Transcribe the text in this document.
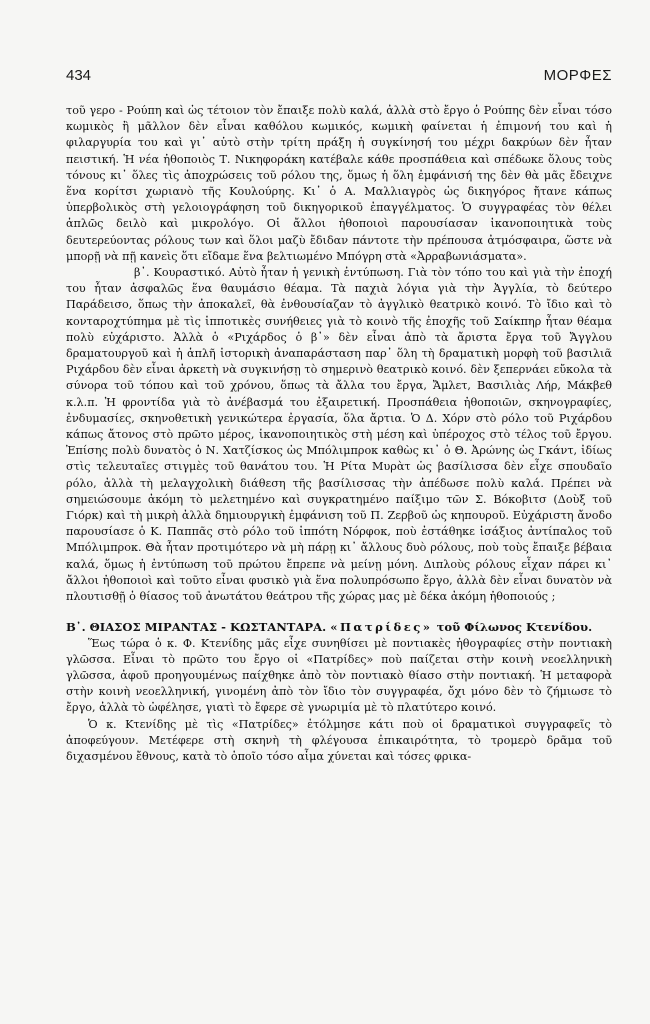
434	ΜΟΡΦΕΣ

τοῦ γερο - Ρούπη καὶ ὡς τέτοιον τὸν ἔπαιξε πολὺ καλά, ἀλλὰ στὸ ἔργο ὁ Ρούπης δὲν εἶναι τόσο κωμικὸς ἢ μᾶλλον δὲν εἶναι καθόλου κωμικός, κωμικὴ φαίνεται ἡ ἐπιμονή του καὶ ἡ φιλαργυρία του καὶ γι᾽ αὐτὸ στὴν τρίτη πράξη ἡ συγκίνησή του μέχρι δακρύων δὲν ἦταν πειστική. Ἡ νέα ἠθοποιὸς Τ. Νικηφοράκη κατέβαλε κάθε προσπάθεια καὶ σπέδωκε ὅλους τοὺς τόνους κι᾽ ὅλες τὶς ἀποχρώσεις τοῦ ρόλου της, ὅμως ἡ ὅλη ἐμφάνισή της δὲν θὰ μᾶς ἔδειχνε ἕνα κορίτσι χωριανὸ τῆς Κουλούρης. Κι᾽ ὁ Α. Μαλλιαγρὸς ὡς δικηγόρος ἤτανε κάπως ὑπερβολικὸς στὴ γελοιογράφηση τοῦ δικηγορικοῦ ἐπαγγέλματος. Ὁ συγγραφέας τὸν θέλει ἁπλῶς δειλὸ καὶ μικρολόγο. Οἱ ἄλλοι ἠθοποιοὶ παρουσίασαν ἱκανοποιητικὰ τοὺς δευτερεύοντας ρόλους των καὶ ὅλοι μαζὺ ἔδιδαν πάντοτε τὴν πρέπουσα ἀτμόσφαιρα, ὥστε νὰ μπορῇ νὰ πῇ κανεὶς ὅτι εἴδαμε ἕνα βελτιωμένο Μπόγρη στὰ «Ἀρραβωνιάσματα».

β᾽. Κουραστικό. Αὐτὸ ἦταν ἡ γενικὴ ἐντύπωση. Γιὰ τὸν τόπο του καὶ γιὰ τὴν ἐποχή του ἦταν ἀσφαλῶς ἕνα θαυμάσιο θέαμα. Τὰ παχιὰ λόγια γιὰ τὴν Ἀγγλία, τὸ δεύτερο Παράδεισο, ὅπως τὴν ἀποκαλεῖ, θὰ ἐνθουσίαζαν τὸ ἀγγλικὸ θεατρικὸ κοινό. Τὸ ἴδιο καὶ τὸ κονταροχτύπημα μὲ τὶς ἱπποτικὲς συνήθειες γιὰ τὸ κοινὸ τῆς ἐποχῆς τοῦ Σαίκπηρ ἦταν θέαμα πολὺ εὐχάριστο. Ἀλλὰ ὁ «Ριχάρδος ὁ β᾽» δὲν εἶναι ἀπὸ τὰ ἄριστα ἔργα τοῦ Ἄγγλου δραματουργοῦ καὶ ἡ ἁπλῆ ἱστορικὴ ἀναπαράσταση παρ᾽ ὅλη τὴ δραματικὴ μορφὴ τοῦ βασιλιᾶ Ριχάρδου δὲν εἶναι ἀρκετὴ νὰ συγκινήσῃ τὸ σημερινὸ θεατρικὸ κοινό. δὲν ξεπερνάει εὔκολα τὰ σύνορα τοῦ τόπου καὶ τοῦ χρόνου, ὅπως τὰ ἄλλα του ἔργα, Ἄμλετ, Βασιλιὰς Λήρ, Μάκβεθ κ.λ.π. Ἡ φροντίδα γιὰ τὸ ἀνέβασμά του ἐξαιρετική. Προσπάθεια ἠθοποιῶν, σκηνογραφίες, ἐνδυμασίες, σκηνοθετικὴ γενικώτερα ἐργασία, ὅλα ἄρτια. Ὁ Δ. Χόρν στὸ ρόλο τοῦ Ριχάρδου κάπως ἄτονος στὸ πρῶτο μέρος, ἱκανοποιητικὸς στὴ μέση καὶ ὑπέροχος στὸ τέλος τοῦ ἔργου. Ἐπίσης πολὺ δυνατὸς ὁ Ν. Χατζίσκος ὡς Μπόλιμπροκ καθὼς κι᾽ ὁ Θ. Ἀρώνης ὡς Γκάντ, ἰδίως στὶς τελευταῖες στιγμὲς τοῦ θανάτου του. Ἡ Ρίτα Μυρὰτ ὡς βασίλισσα δὲν εἶχε σπουδαῖο ρόλο, ἀλλὰ τὴ μελαγχολικὴ διάθεση τῆς βασίλισσας τὴν ἀπέδωσε πολὺ καλά. Πρέπει νὰ σημειώσουμε ἀκόμη τὸ μελετημένο καὶ συγκρατημένο παίξιμο τῶν Σ. Βόκοβιτσ (Δοὺξ τοῦ Γιόρκ) καὶ τὴ μικρὴ ἀλλὰ δημιουργικὴ ἐμφάνιση τοῦ Π. Ζερβοῦ ὡς κηπουροῦ. Εὐχάριστη ἄνοδο παρουσίασε ὁ Κ. Παππᾶς στὸ ρόλο τοῦ ἱππότη Νόρφοκ, ποὺ ἐστάθηκε ἰσάξιος ἀντίπαλος τοῦ Μπόλιμπροκ. Θὰ ἦταν προτιμότερο νὰ μὴ πάρῃ κι᾽ ἄλλους δυὸ ρόλους, ποὺ τοὺς ἔπαιξε βέβαια καλά, ὅμως ἡ ἐντύπωση τοῦ πρώτου ἔπρεπε νὰ μείνῃ μόνη. Διπλοὺς ρόλους εἶχαν πάρει κι᾽ ἄλλοι ἠθοποιοὶ καὶ τοῦτο εἶναι φυσικὸ γιὰ ἕνα πολυπρόσωπο ἔργο, ἀλλὰ δὲν εἶναι δυνατὸν νὰ πλουτισθῇ ὁ θίασος τοῦ ἀνωτάτου θεάτρου τῆς χώρας μας μὲ δέκα ἀκόμη ἠθοποιούς ;

Β᾽. ΘΙΑΣΟΣ ΜΙΡΑΝΤΑΣ - ΚΩΣΤΑΝΤΑΡΑ. «Πατρίδες» τοῦ Φίλωνος Κτενίδου.

Ἕως τώρα ὁ κ. Φ. Κτενίδης μᾶς εἶχε συνηθίσει μὲ ποντιακὲς ἠθογραφίες στὴν ποντιακὴ γλῶσσα. Εἶναι τὸ πρῶτο του ἔργο οἱ «Πατρίδες» ποὺ παίζεται στὴν κοινὴ νεοελληνικὴ γλῶσσα, ἀφοῦ προηγουμένως παίχθηκε ἀπὸ τὸν ποντιακὸ θίασο στὴν ποντιακή. Ἡ μεταφορὰ στὴν κοινὴ νεοελληνική, γινομένη ἀπὸ τὸν ἴδιο τὸν συγγραφέα, ὄχι μόνο δὲν τὸ ζήμιωσε τὸ ἔργο, ἀλλὰ τὸ ὠφέλησε, γιατὶ τὸ ἔφερε σὲ γνωριμία μὲ τὸ πλατύτερο κοινό.

Ὁ κ. Κτενίδης μὲ τὶς «Πατρίδες» ἐτόλμησε κάτι ποὺ οἱ δραματικοὶ συγγραφεῖς τὸ ἀποφεύγουν. Μετέφερε στὴ σκηνὴ τὴ φλέγουσα ἐπικαιρότητα, τὸ τρομερὸ δρᾶμα τοῦ διχασμένου ἔθνους, κατὰ τὸ ὁποῖο τόσο αἷμα χύνεται καὶ τόσες φρικα-
